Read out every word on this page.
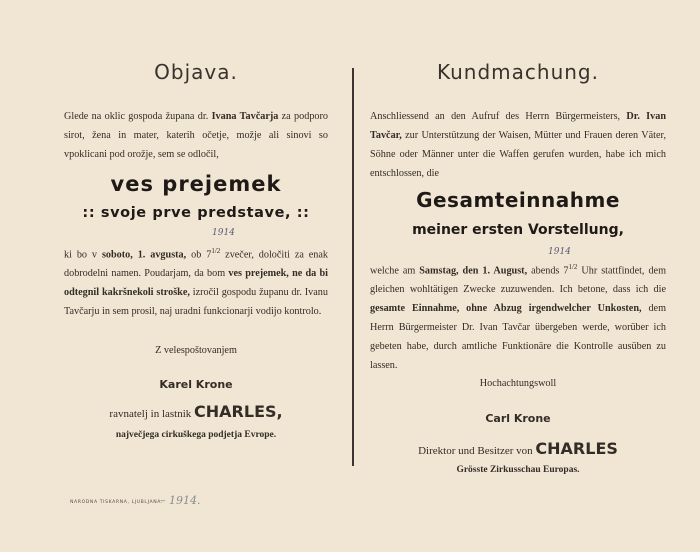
Objava.
Glede na oklic gospoda župana dr. Ivana Tavčarja za podporo sirot, žena in mater, katerih očetje, možje ali sinovi so vpoklicani pod orožje, sem se odločil,
ves prejemek
:: svoje prve predstave, ::
ki bo v soboto, 1. avgusta, ob $7^{1/2}$ zvečer, določiti za enak dobrodelni namen. Poudarjam, da bom ves prejemek, ne da bi odtegnil kakršnekoli stroške, izročil gospodu županu dr. Ivanu Tavčarju in sem prosil, naj uradni funkcionarji vodijo kontrolo.
Z velespoštovanjem
Karel Krone
ravnatelj in lastnik CHARLES,
največjega cirkuškega podjetja Evrope.
Kundmachung.
Anschliessend an den Aufruf des Herrn Bürgermeisters, Dr. Ivan Tavčar, zur Unterstützung der Waisen, Mütter und Frauen deren Väter, Söhne oder Männer unter die Waffen gerufen wurden, habe ich mich entschlossen, die
Gesamteinnahme
meiner ersten Vorstellung,
welche am Samstag, den 1. August, abends $7^{1/2}$ Uhr stattfindet, dem gleichen wohltätigen Zwecke zuzuwenden. Ich betone, dass ich die gesamte Einnahme, ohne Abzug irgendwelcher Unkosten, dem Herrn Bürgermeister Dr. Ivan Tavčar übergeben werde, worüber ich gebeten habe, durch amtliche Funktionäre die Kontrolle ausüben zu lassen.
Hochachtungswoll
Carl Krone
Direktor und Besitzer von CHARLES
Grösste Zirkusschau Europas.
1914
1914
NARODNA TISKARNA, LJUBLJANA.
– 1914.
